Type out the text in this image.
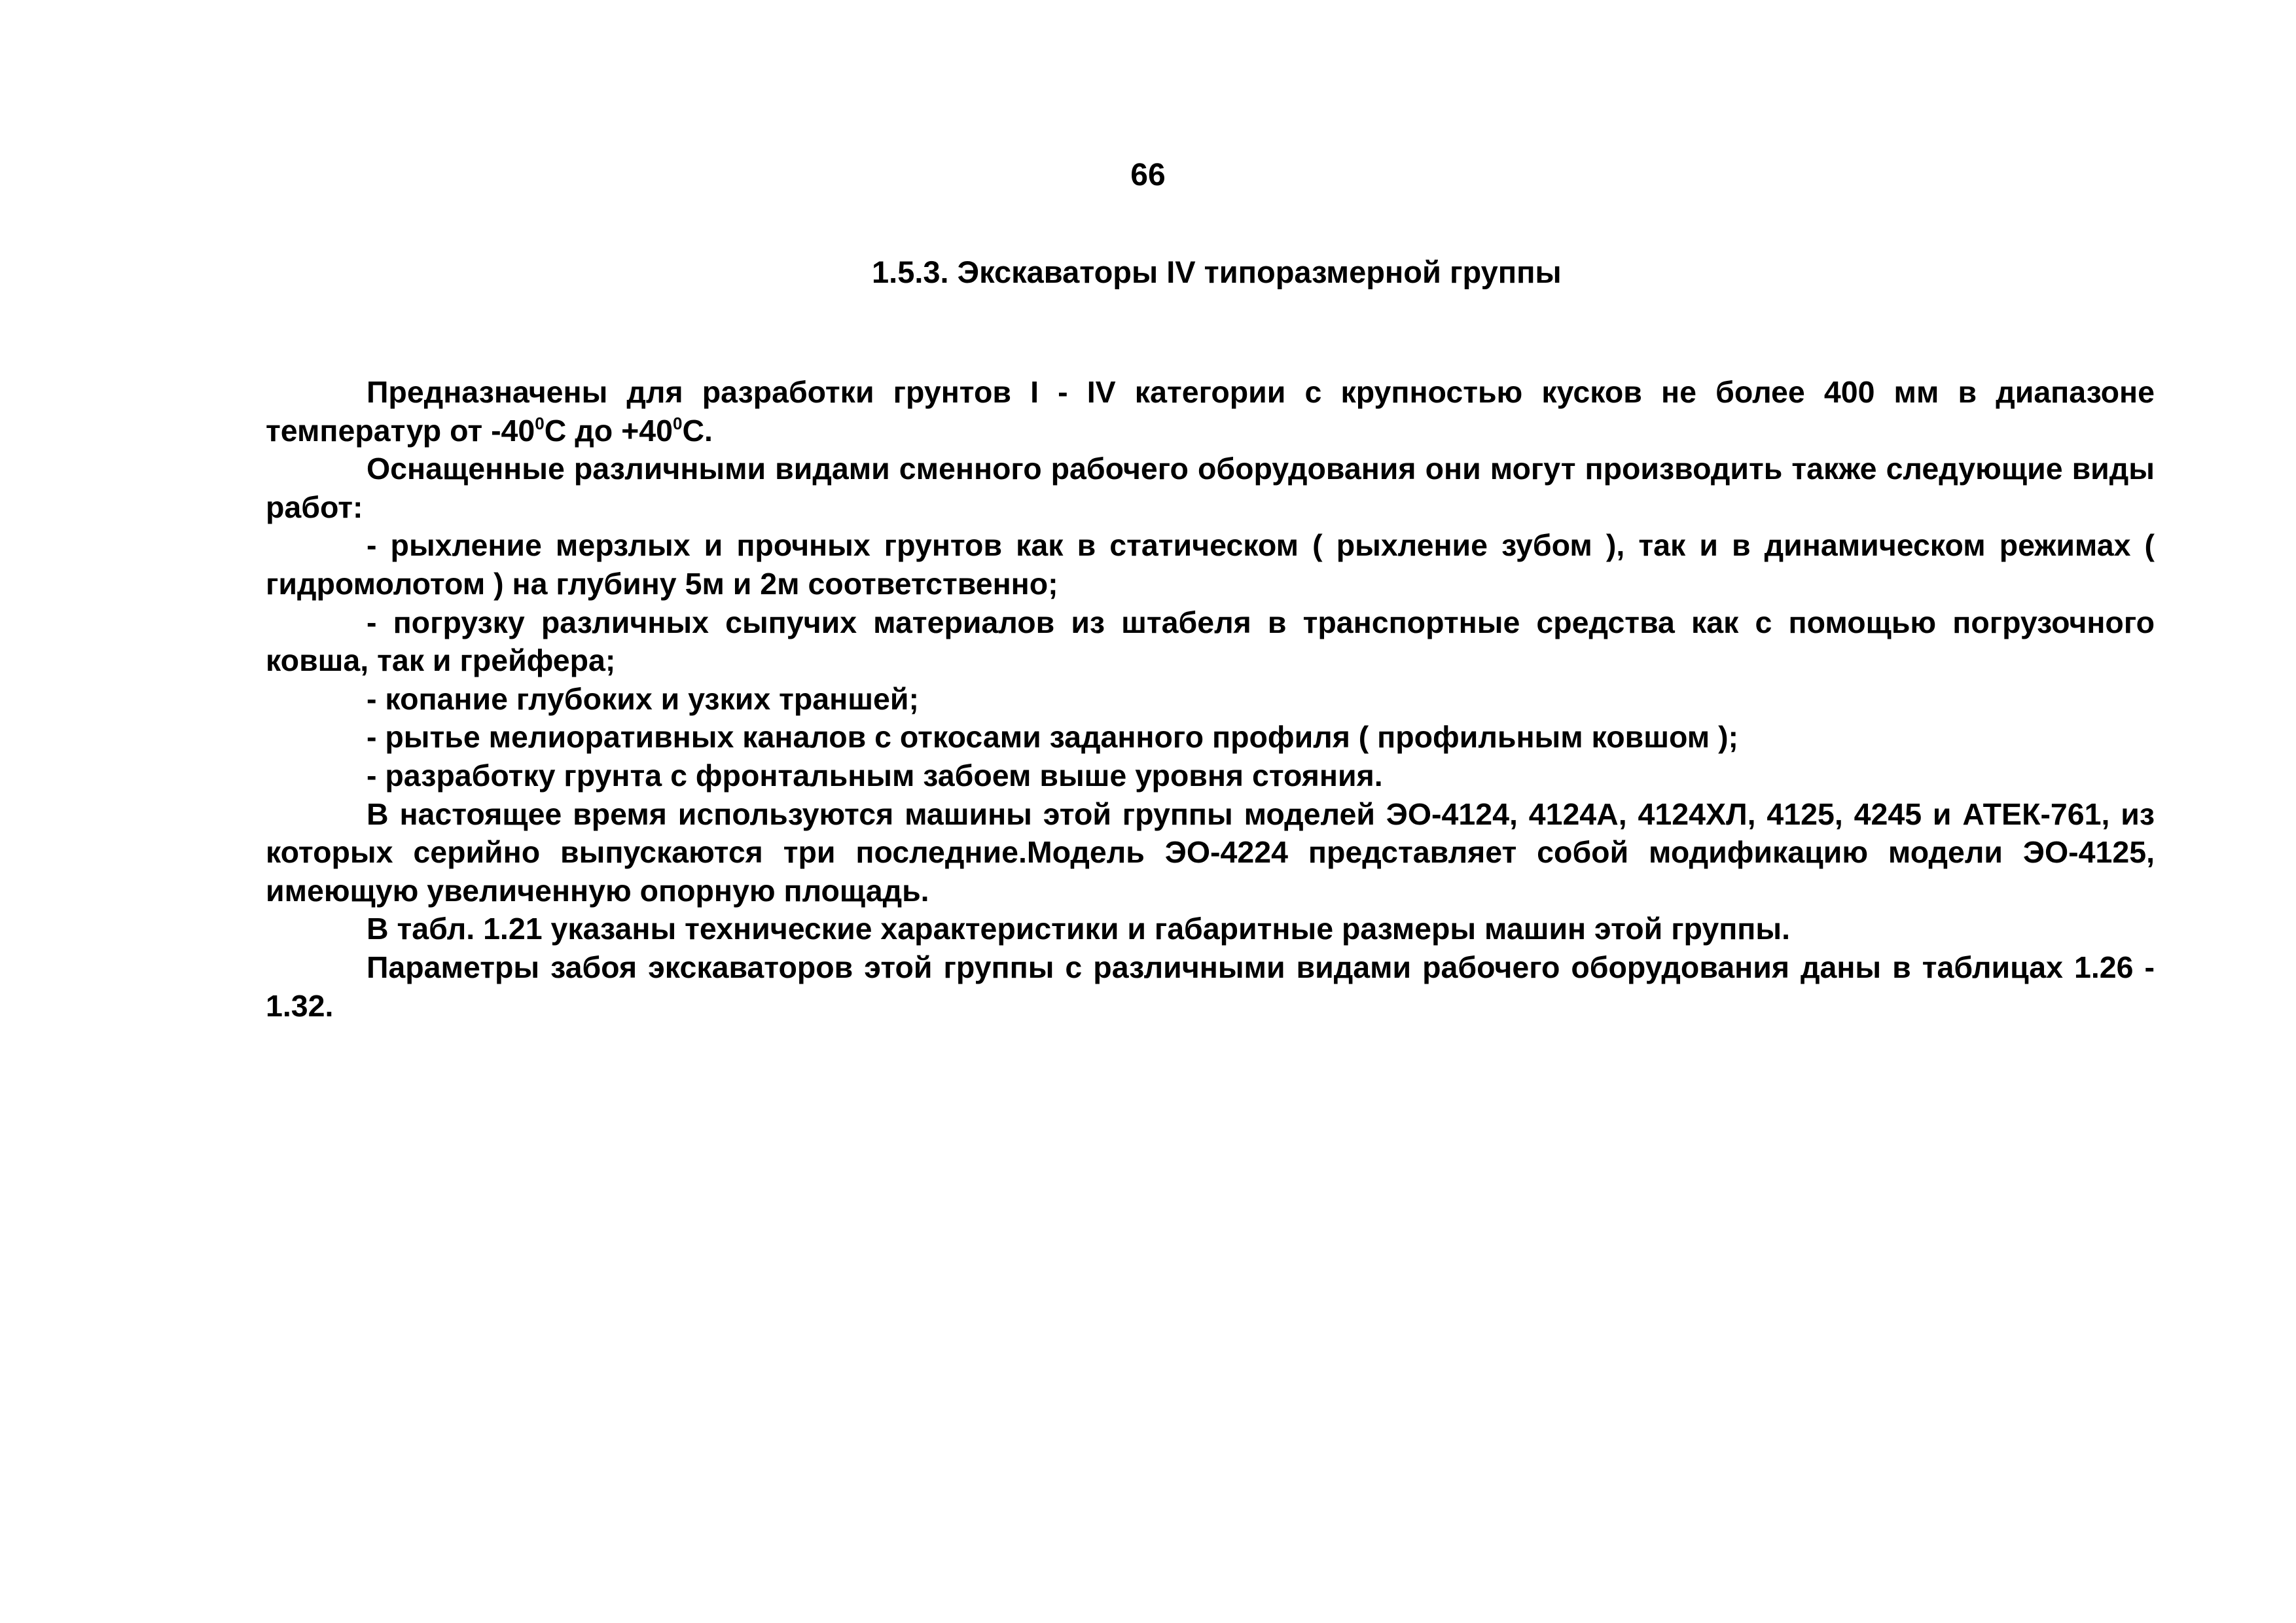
66
1.5.3. Экскаваторы IV типоразмерной группы

Предназначены для разработки грунтов I - IV категории с крупностью кусков не более 400 мм в диапазоне температур от $-40^0С$ до $+40^0С$.

Оснащенные различными видами сменного рабочего оборудования они могут производить также следующие виды работ:

- рыхление мерзлых и прочных грунтов как в статическом ( рыхление зубом ), так и в динамическом режимах ( гидромолотом ) на глубину 5м и 2м соответственно;

- погрузку различных сыпучих материалов из штабеля в транспортные средства как с помощью погрузочного ковша, так и грейфера;

- копание глубоких и узких траншей;

- рытье мелиоративных каналов с откосами заданного профиля ( профильным ковшом );

- разработку грунта с фронтальным забоем выше уровня стояния.

В настоящее время используются машины этой группы моделей ЭО-4124, 4124А, 4124ХЛ, 4125, 4245 и АТЕК-761, из которых серийно выпускаются три последние.Модель ЭО-4224 представляет собой модификацию модели ЭО-4125, имеющую увеличенную опорную площадь.

В табл. 1.21 указаны технические характеристики и габаритные размеры машин этой группы.

Параметры забоя экскаваторов этой группы с различными видами рабочего оборудования даны в таблицах 1.26 - 1.32.
